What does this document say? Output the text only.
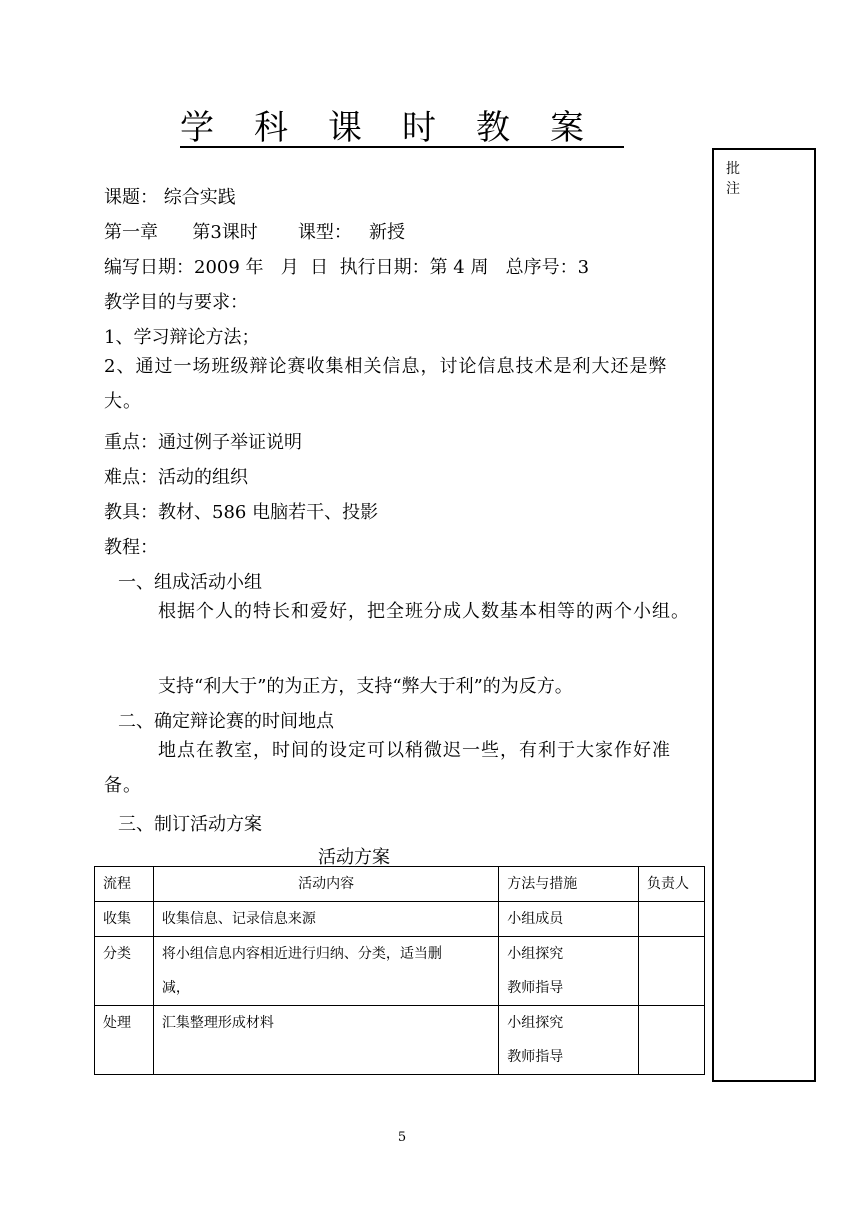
学科课时教案
批注
课题： 综合实践
第一章      第3课时       课型：   新授
编写日期：2009 年   月  日  执行日期：第 4 周   总序号：3
教学目的与要求：
1、学习辩论方法；
2、通过一场班级辩论赛收集相关信息，讨论信息技术是利大还是弊大。
重点：通过例子举证说明
难点：活动的组织
教具：教材、586 电脑若干、投影
教程：
一、组成活动小组
根据个人的特长和爱好，把全班分成人数基本相等的两个小组。
支持“利大于”的为正方，支持“弊大于利”的为反方。
二、确定辩论赛的时间地点
地点在教室，时间的设定可以稍微迟一些，有利于大家作好准备。
三、制订活动方案
活动方案
流程	活动内容	方法与措施	负责人
收集	收集信息、记录信息来源	小组成员	
分类	将小组信息内容相近进行归纳、分类，适当删减，	小组探究
教师指导	
处理	汇集整理形成材料	小组探究
教师指导	
5
